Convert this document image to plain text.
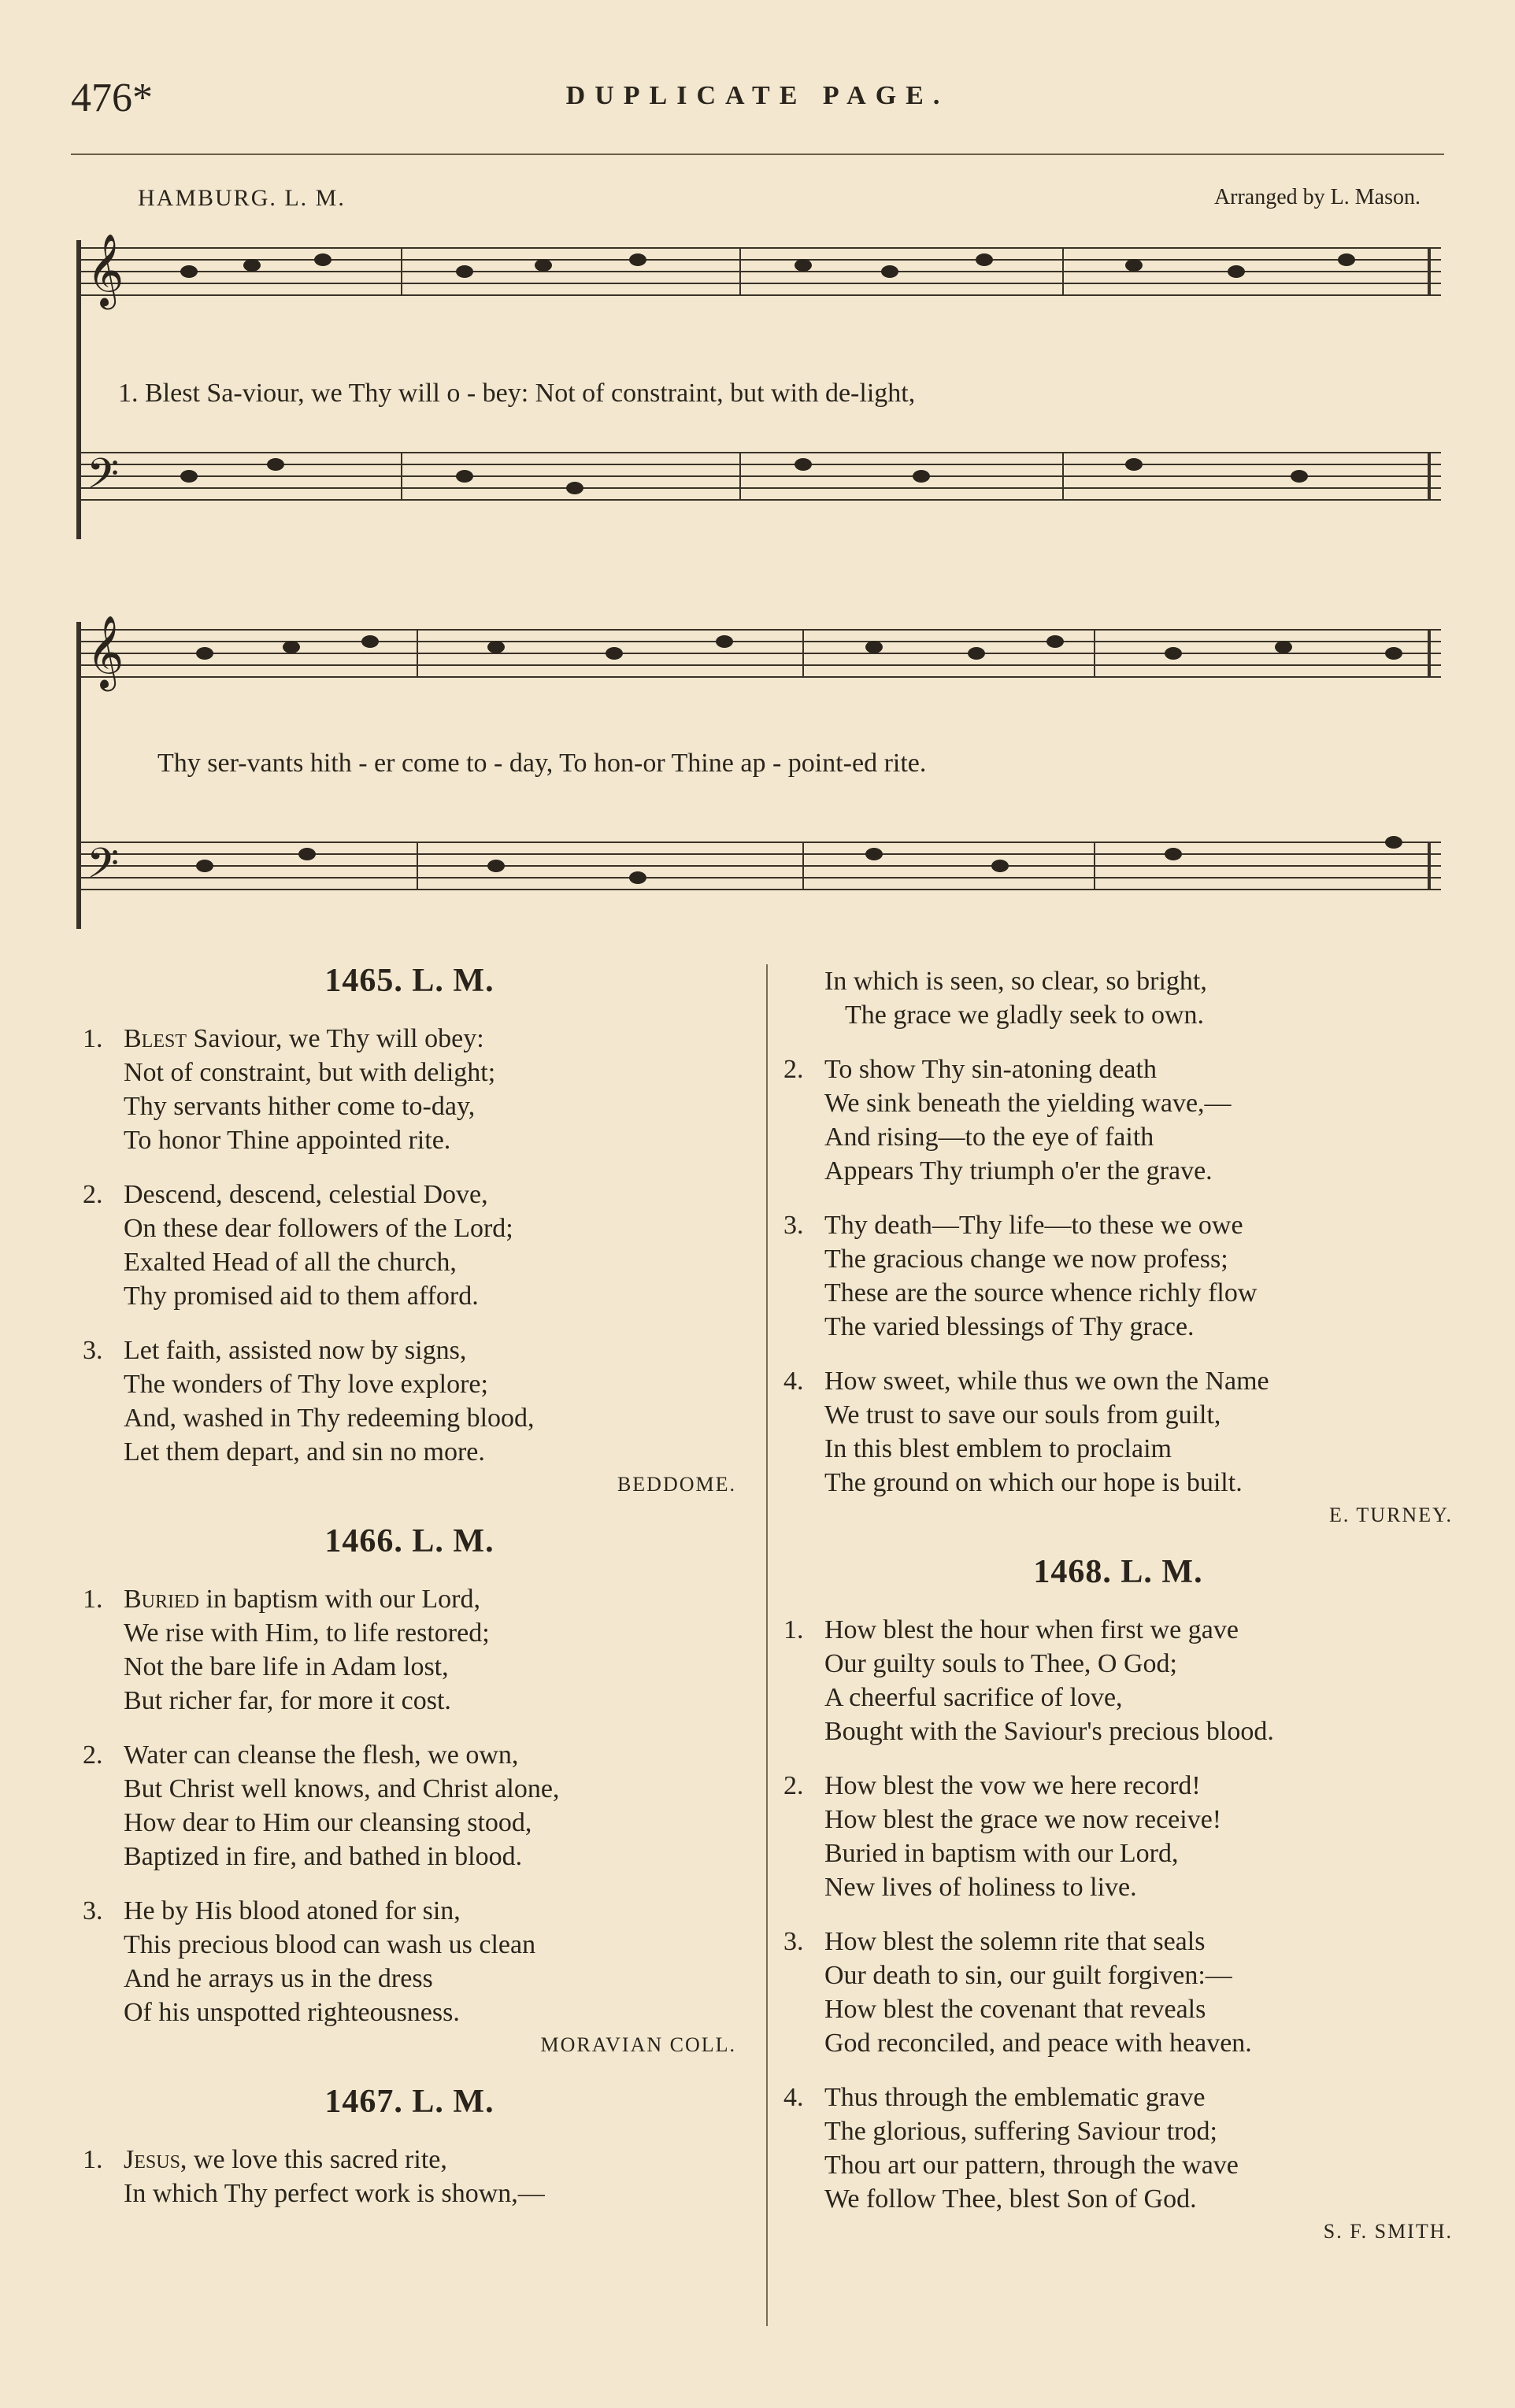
476*	DUPLICATE PAGE.
HAMBURG. L. M.	Arranged by L. Mason.
𝄞
𝄢
1. Blest Sa-viour, we Thy will o - bey: Not of constraint, but with de-light,
𝄞
𝄢
Thy ser-vants hith - er come to - day, To hon-or Thine ap - point-ed rite.
1465. L. M.
1. Blest Saviour, we Thy will obey:
Not of constraint, but with delight;
Thy servants hither come to-day,
To honor Thine appointed rite.
2. Descend, descend, celestial Dove,
On these dear followers of the Lord;
Exalted Head of all the church,
Thy promised aid to them afford.
3. Let faith, assisted now by signs,
The wonders of Thy love explore;
And, washed in Thy redeeming blood,
Let them depart, and sin no more.
BEDDOME.
1466. L. M.
1. Buried in baptism with our Lord,
We rise with Him, to life restored;
Not the bare life in Adam lost,
But richer far, for more it cost.
2. Water can cleanse the flesh, we own,
But Christ well knows, and Christ alone,
How dear to Him our cleansing stood,
Baptized in fire, and bathed in blood.
3. He by His blood atoned for sin,
This precious blood can wash us clean
And he arrays us in the dress
Of his unspotted righteousness.
MORAVIAN COLL.
1467. L. M.
1. Jesus, we love this sacred rite,
In which Thy perfect work is shown,—
In which is seen, so clear, so bright,
The grace we gladly seek to own.
2. To show Thy sin-atoning death
We sink beneath the yielding wave,—
And rising—to the eye of faith
Appears Thy triumph o'er the grave.
3. Thy death—Thy life—to these we owe
The gracious change we now profess;
These are the source whence richly flow
The varied blessings of Thy grace.
4. How sweet, while thus we own the Name
We trust to save our souls from guilt,
In this blest emblem to proclaim
The ground on which our hope is built.
E. TURNEY.
1468. L. M.
1. How blest the hour when first we gave
Our guilty souls to Thee, O God;
A cheerful sacrifice of love,
Bought with the Saviour's precious blood.
2. How blest the vow we here record!
How blest the grace we now receive!
Buried in baptism with our Lord,
New lives of holiness to live.
3. How blest the solemn rite that seals
Our death to sin, our guilt forgiven:—
How blest the covenant that reveals
God reconciled, and peace with heaven.
4. Thus through the emblematic grave
The glorious, suffering Saviour trod;
Thou art our pattern, through the wave
We follow Thee, blest Son of God.
S. F. SMITH.
